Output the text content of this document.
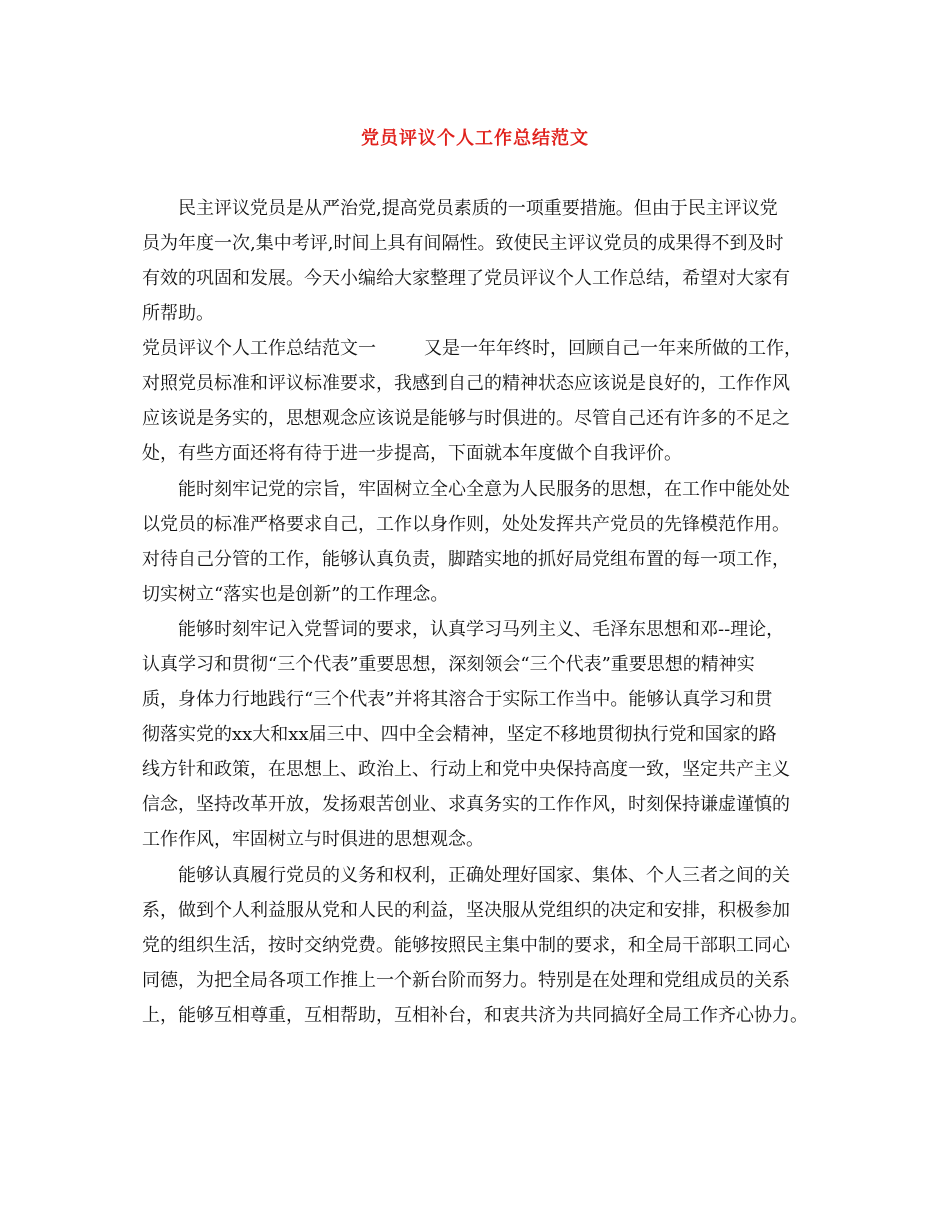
党员评议个人工作总结范文
民主评议党员是从严治党,提高党员素质的一项重要措施。但由于民主评议党
员为年度一次,集中考评,时间上具有间隔性。致使民主评议党员的成果得不到及时
有效的巩固和发展。今天小编给大家整理了党员评议个人工作总结，希望对大家有
所帮助。
党员评议个人工作总结范文一	又是一年年终时，回顾自己一年来所做的工作，
对照党员标准和评议标准要求，我感到自己的精神状态应该说是良好的，工作作风
应该说是务实的，思想观念应该说是能够与时俱进的。尽管自己还有许多的不足之
处，有些方面还将有待于进一步提高，下面就本年度做个自我评价。
能时刻牢记党的宗旨，牢固树立全心全意为人民服务的思想，在工作中能处处
以党员的标准严格要求自己，工作以身作则，处处发挥共产党员的先锋模范作用。
对待自己分管的工作，能够认真负责，脚踏实地的抓好局党组布置的每一项工作，
切实树立“落实也是创新”的工作理念。
能够时刻牢记入党誓词的要求，认真学习马列主义、毛泽东思想和邓--理论，
认真学习和贯彻“三个代表”重要思想，深刻领会“三个代表”重要思想的精神实
质，身体力行地践行“三个代表”并将其溶合于实际工作当中。能够认真学习和贯
彻落实党的xx大和xx届三中、四中全会精神，坚定不移地贯彻执行党和国家的路
线方针和政策，在思想上、政治上、行动上和党中央保持高度一致，坚定共产主义
信念，坚持改革开放，发扬艰苦创业、求真务实的工作作风，时刻保持谦虚谨慎的
工作作风，牢固树立与时俱进的思想观念。
能够认真履行党员的义务和权利，正确处理好国家、集体、个人三者之间的关
系，做到个人利益服从党和人民的利益，坚决服从党组织的决定和安排，积极参加
党的组织生活，按时交纳党费。能够按照民主集中制的要求，和全局干部职工同心
同德，为把全局各项工作推上一个新台阶而努力。特别是在处理和党组成员的关系
上，能够互相尊重，互相帮助，互相补台，和衷共济为共同搞好全局工作齐心协力。
